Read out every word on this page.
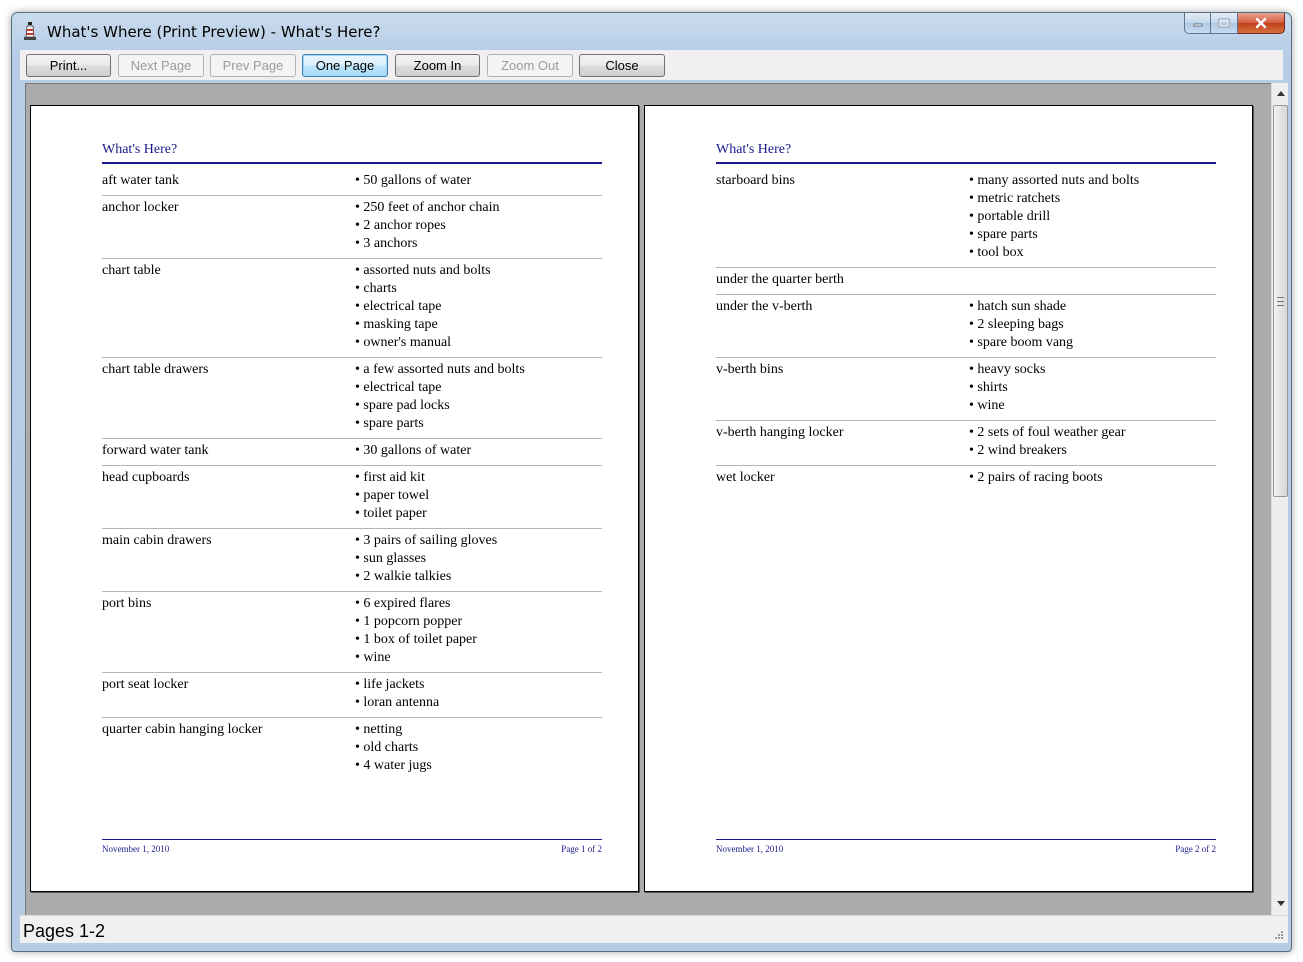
What's Where (Print Preview) - What's Here?
Print...	Next Page	Prev Page	One Page	Zoom In	Zoom Out	Close
What's Here?
aft water tank	• 50 gallons of water
anchor locker	• 250 feet of anchor chain
• 2 anchor ropes
• 3 anchors
chart table	• assorted nuts and bolts
• charts
• electrical tape
• masking tape
• owner's manual
chart table drawers	• a few assorted nuts and bolts
• electrical tape
• spare pad locks
• spare parts
forward water tank	• 30 gallons of water
head cupboards	• first aid kit
• paper towel
• toilet paper
main cabin drawers	• 3 pairs of sailing gloves
• sun glasses
• 2 walkie talkies
port bins	• 6 expired flares
• 1 popcorn popper
• 1 box of toilet paper
• wine
port seat locker	• life jackets
• loran antenna
quarter cabin hanging locker	• netting
• old charts
• 4 water jugs
November 1, 2010	Page 1 of 2
What's Here?
starboard bins	• many assorted nuts and bolts
• metric ratchets
• portable drill
• spare parts
• tool box
under the quarter berth
under the v-berth	• hatch sun shade
• 2 sleeping bags
• spare boom vang
v-berth bins	• heavy socks
• shirts
• wine
v-berth hanging locker	• 2 sets of foul weather gear
• 2 wind breakers
wet locker	• 2 pairs of racing boots
November 1, 2010	Page 2 of 2
Pages 1-2
